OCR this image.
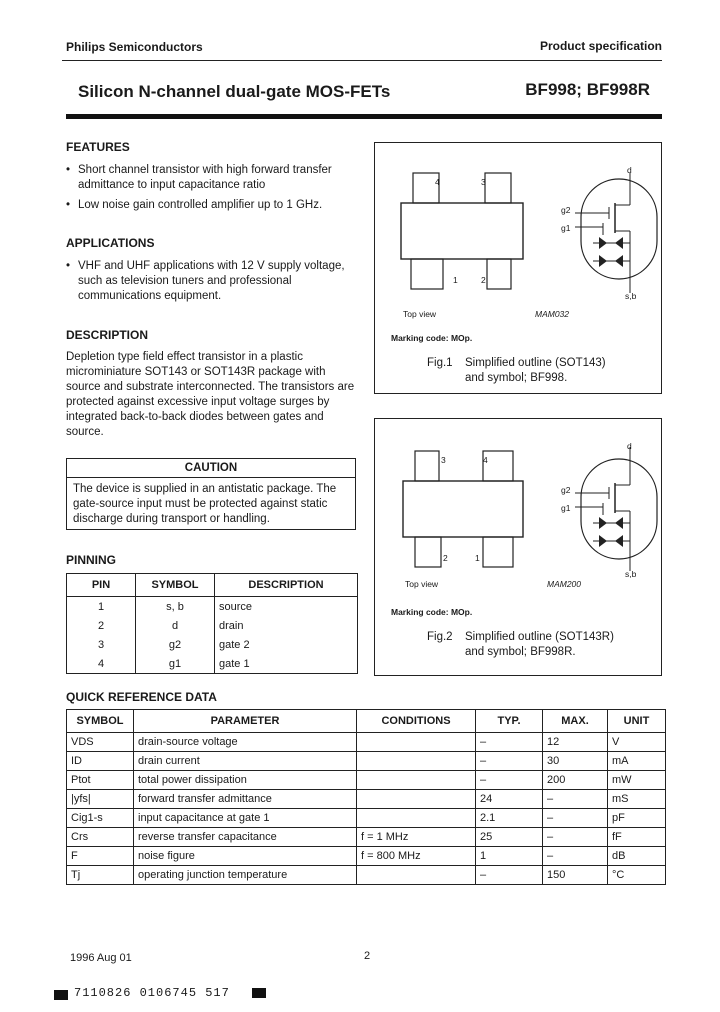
Philips Semiconductors	Product specification
Silicon N-channel dual-gate MOS-FETs	BF998; BF998R
FEATURES
• Short channel transistor with high forward transfer admittance to input capacitance ratio
• Low noise gain controlled amplifier up to 1 GHz.
APPLICATIONS
• VHF and UHF applications with 12 V supply voltage, such as television tuners and professional communications equipment.
DESCRIPTION
Depletion type field effect transistor in a plastic microminiature SOT143 or SOT143R package with source and substrate interconnected. The transistors are protected against excessive input voltage surges by integrated back-to-back diodes between gates and source.
CAUTION
The device is supplied in an antistatic package. The gate-source input must be protected against static discharge during transport or handling.
PINNING
PIN	SYMBOL	DESCRIPTION
1	s, b	source
2	d	drain
3	g2	gate 2
4	g1	gate 1
4	3
1	2
d
g2
g1
s,b
Top view	MAM032
Marking code: MOp.
Fig.1 Simplified outline (SOT143) and symbol; BF998.
3	4
2	1
d
g2
g1
s,b
Top view	MAM200
Marking code: MOp.
Fig.2 Simplified outline (SOT143R) and symbol; BF998R.
QUICK REFERENCE DATA
SYMBOL	PARAMETER	CONDITIONS	TYP.	MAX.	UNIT
VDS	drain-source voltage		–	12	V
ID	drain current		–	30	mA
Ptot	total power dissipation		–	200	mW
|yfs|	forward transfer admittance		24	–	mS
Cig1-s	input capacitance at gate 1		2.1	–	pF
Crs	reverse transfer capacitance	f = 1 MHz	25	–	fF
F	noise figure	f = 800 MHz	1	–	dB
Tj	operating junction temperature		–	150	°C
1996 Aug 01	2
7110826 0106745 517
